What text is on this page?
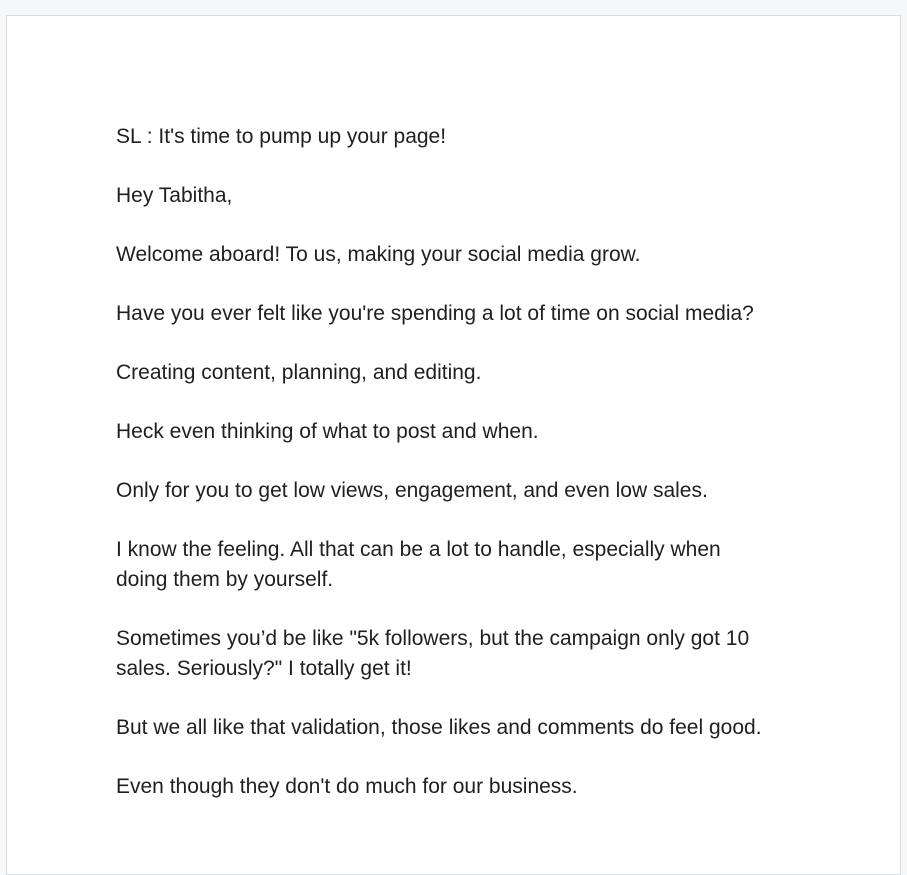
SL : It's time to pump up your page!

Hey Tabitha,

Welcome aboard! To us, making your social media grow.

Have you ever felt like you're spending a lot of time on social media?

Creating content, planning, and editing.

Heck even thinking of what to post and when.

Only for you to get low views, engagement, and even low sales.

I know the feeling. All that can be a lot to handle, especially when doing them by yourself.

Sometimes you’d be like "5k followers, but the campaign only got 10 sales. Seriously?" I totally get it!

But we all like that validation, those likes and comments do feel good.

Even though they don't do much for our business.
